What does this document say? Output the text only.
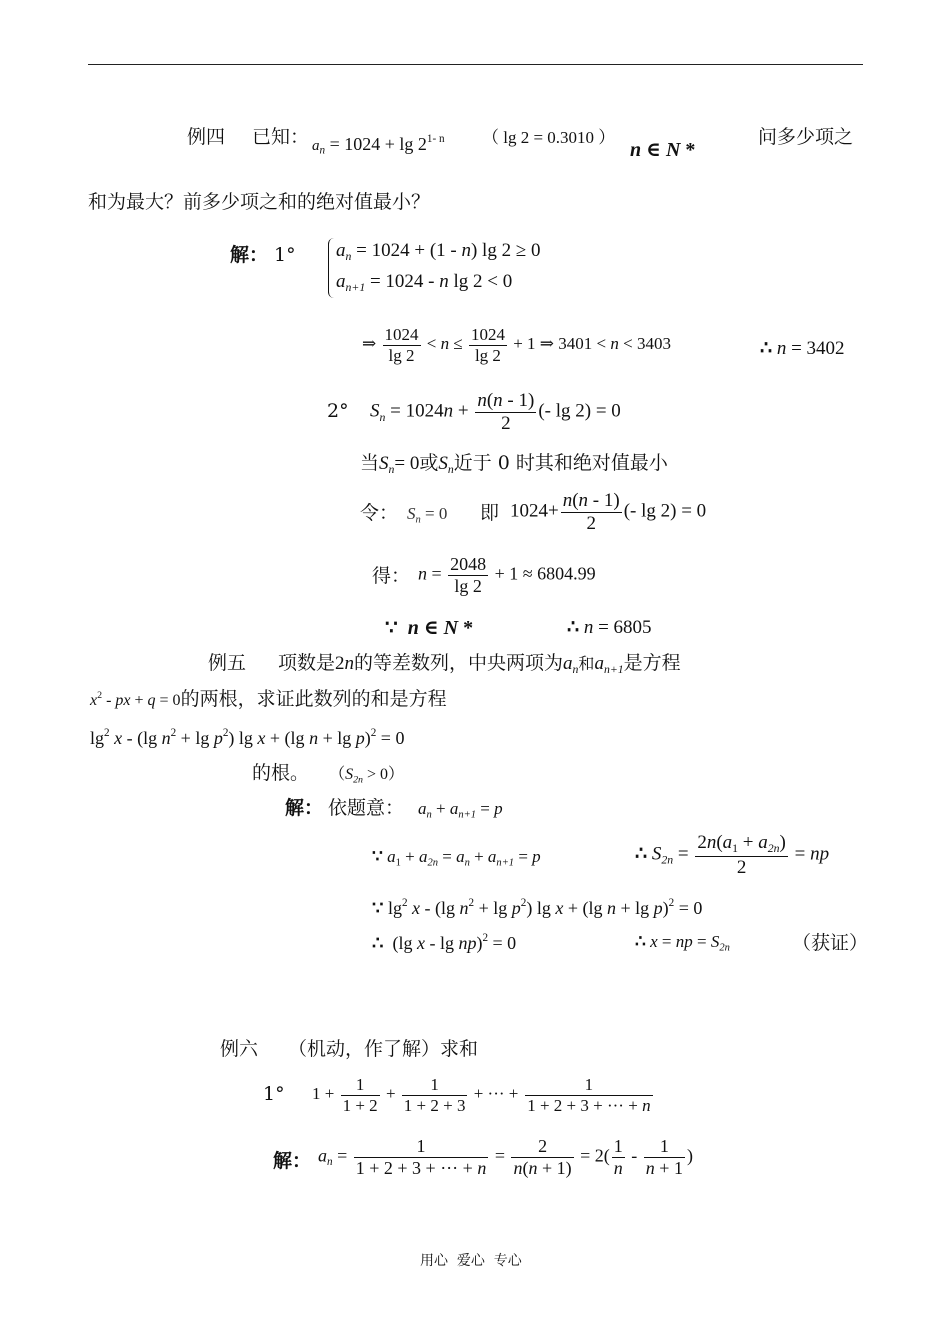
例四 已知： $a_n = 1024 + \lg 2^{1- n}$ （ lg 2 = 0.3010 ）
n ∈ N *
问多少项之
和为最大？前多少项之和的绝对值最小？
解： 1° $a_n = 1024 + (1 - n)$ lg 2 ≥ 0
$a_{n+1} = 1024 - n$ lg 2 < 0
⇒ $\frac{1024}{\lg 2} < n \le \frac{1024}{\lg 2} + 1$ ⇒ 3401 < n < 3403	∴ n = 3402
2° $S_n = 1024n + \frac{n(n - 1)}{2}$ (- lg 2) = 0
当$S_n= 0$或$S_n$近于 0 时其和绝对值最小
令： $S_n = 0$ 即 $1024+ \frac{n(n - 1)}{2}$ (- lg 2) = 0
得： $n = \frac{2048}{\lg 2} + 1 \approx 6804.99$
∵  n ∈ N *	∴ n = 6805
例五 项数是2n的等差数列，中央两项为$a_n$和$a_{n+1}$是方程
$x^2$ - px + q = 0的两根，求证此数列的和是方程
$\lg^2 x - (\lg$ $n^2 + \lg p^2$) lg x + (lg n + lg p)$^2$ = 0
的根。 $(S_{2n} > 0)$
解： 依题意： $a_n + a_{n+1} = p$
∵ $a_1 + a_{2n} = a_n + a_{n+1} = p$	∴ $S_{2n} = \frac{2n(a_1 + a_{2n})}{2}$ = np
∵ $\lg^2 x - (\lg$ $n^2 + \lg p^2$) lg x + (lg n + lg p)$^2$ = 0
∴  (lg x - lg np)$^2$ = 0	∴ x = np = $S_{2n}$	（获证）
例六 （机动，作了解）求和
1° $1 + \frac{1}{1 + 2} + \frac{1}{1 + 2 + 3}$ + ··· + $\frac{1}{1 + 2 + 3 + \cdot\cdot\cdot + n}$
解： $a_n = \frac{1}{1 + 2 + 3 + \cdot\cdot\cdot + n} = \frac{2}{n(n + 1)} = 2( \frac{1}{n} - \frac{1}{n + 1}$ )
用心  爱心  专心
